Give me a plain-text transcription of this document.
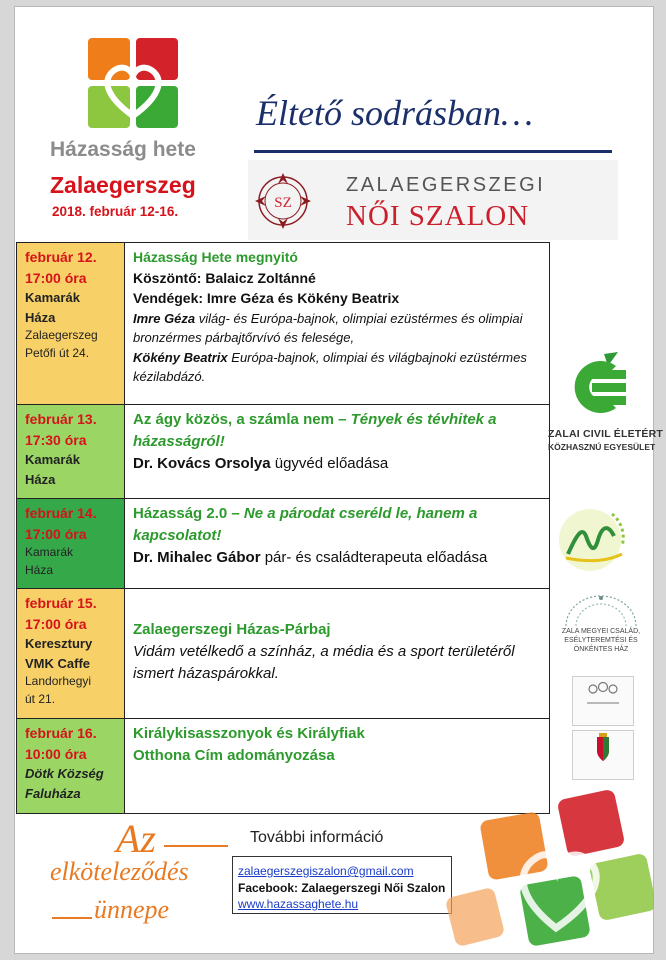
Házasság hete
Zalaegerszeg
2018. február 12-16.
Éltető sodrásban…
SZ
ZALAEGERSZEGI
NŐI SZALON
február 12.
17:00 óra
Kamarák
Háza
Zalaegerszeg
Petőfi út 24.
Házasság Hete megnyitó
Köszöntő: Balaicz Zoltánné
Vendégek: Imre Géza és Kökény Beatrix
Imre Géza világ- és Európa-bajnok, olimpiai ezüstérmes és olimpiai bronzérmes párbajtőrvívó és felesége,
Kökény Beatrix Európa-bajnok, olimpiai és világbajnoki ezüstérmes kézilabdázó.
február 13.
17:30 óra
Kamarák
Háza
Az ágy közös, a számla nem – Tények és tévhitek a házasságról!
Dr. Kovács Orsolya ügyvéd előadása
február 14.
17:00 óra
Kamarák
Háza
Házasság 2.0 – Ne a párodat cseréld le, hanem a kapcsolatot!
Dr. Mihalec Gábor pár- és családterapeuta előadása
február 15.
17:00 óra
Keresztury
VMK Caffe
Landorhegyi
út 21.
Zalaegerszegi Házas-Párbaj
Vidám vetélkedő a színház, a média és a sport területéről ismert házaspárokkal.
február 16.
10:00 óra
Dötk Község
Faluháza
Királykisasszonyok és Királyfiak
Otthona Cím adományozása
ZALAI CIVIL ÉLETÉRT
KÖZHASZNÚ EGYESÜLET
ZALA MEGYEI CSALÁD, ESÉLYTEREMTÉSI ÉS ÖNKÉNTES HÁZ
Az
elköteleződés
ünnepe
További információ
zalaegerszegiszalon@gmail.com
Facebook: Zalaegerszegi Női Szalon
www.hazassaghete.hu
